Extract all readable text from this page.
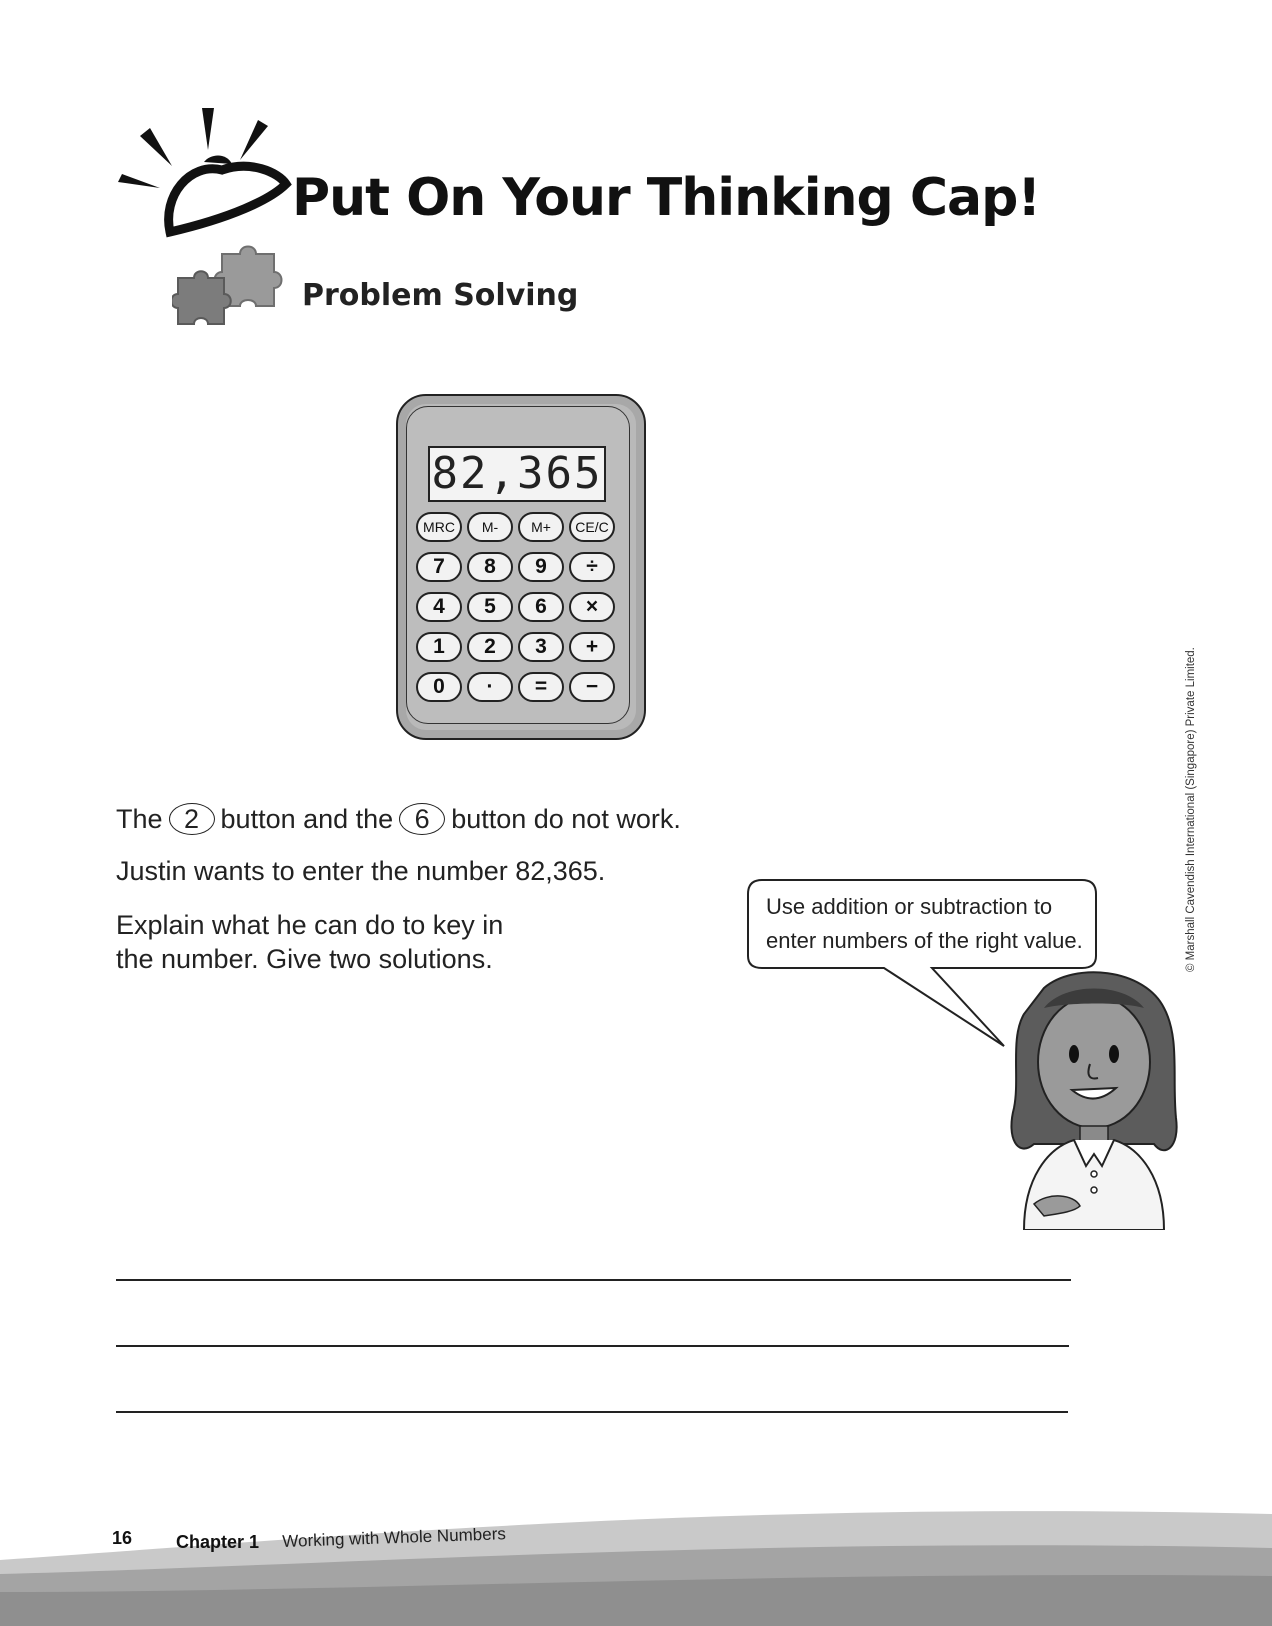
Put On Your Thinking Cap!
Problem Solving
82,365
MRC	M-	M+	CE/C
7	8	9	÷
4	5	6	×
1	2	3	+
0	·	=	−
The 2 button and the 6 button do not work.
Justin wants to enter the number 82,365.
Explain what he can do to key in the number. Give two solutions.
Use addition or subtraction to enter numbers of the right value.	© Marshall Cavendish International (Singapore) Private Limited.
16 Chapter 1 Working with Whole Numbers
